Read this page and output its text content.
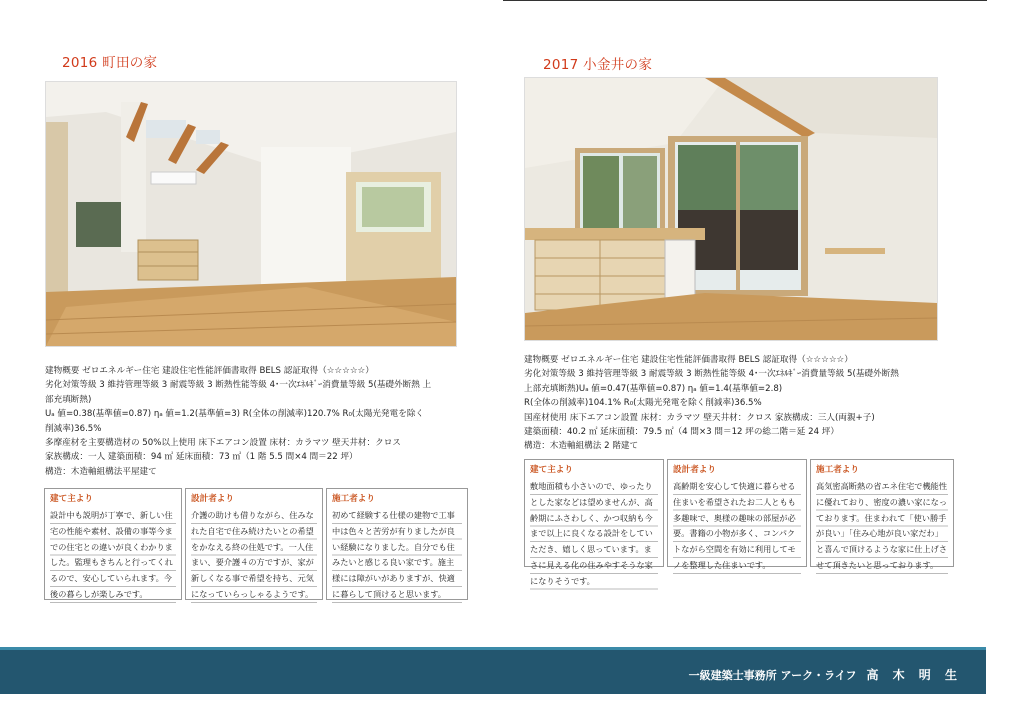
2016 町田の家

建物概要 ゼロエネルギー住宅 建設住宅性能評価書取得 BELS 認証取得（☆☆☆☆☆）

劣化対策等級 3 維持管理等級 3 耐震等級 3 断熱性能等級 4･一次ｴﾈﾙｷﾞｰ消費量等級 5(基礎外断熱 上

部充填断熱)

Uₐ 値=0.38(基準値=0.87) ηₐ 値=1.2(基準値=3) R(全体の削減率)120.7% R₀(太陽光発電を除く

削減率)36.5%

多摩産材を主要構造材の 50%以上使用 床下エアコン設置 床材：カラマツ 壁天井材：クロス

家族構成：一人 建築面積：94 ㎡ 延床面積：73 ㎡（1 階 5.5 間×4 間＝22 坪）

構造：木造軸組構法平屋建て

建て主より
設計中も説明が丁寧で、新しい住宅の性能や素材、設備の事等今までの住宅との違いが良くわかりました。監理もきちんと行ってくれるので、安心していられます。今後の暮らしが楽しみです。
設計者より
介護の助けも借りながら、住みなれた自宅で住み続けたいとの希望をかなえる終の住処です。一人住まい、要介護４の方ですが、家が新しくなる事で希望を持ち、元気になっていらっしゃるようです。
施工者より
初めて経験する仕様の建物で工事中は色々と苦労が有りましたが良い経験になりました。自分でも住みたいと感じる良い家です。施主様には障がいがありますが、快適に暮らして頂けると思います。
2017 小金井の家

建物概要 ゼロエネルギー住宅 建設住宅性能評価書取得 BELS 認証取得（☆☆☆☆☆）

劣化対策等級 3 維持管理等級 3 耐震等級 3 断熱性能等級 4･一次ｴﾈﾙｷﾞｰ消費量等級 5(基礎外断熱

上部充填断熱)Uₐ 値=0.47(基準値=0.87) ηₐ 値=1.4(基準値=2.8)

R(全体の削減率)104.1% R₀(太陽光発電を除く削減率)36.5%

国産材使用 床下エアコン設置 床材：カラマツ 壁天井材：クロス 家族構成：三人(両親+子)

建築面積：40.2 ㎡ 延床面積：79.5 ㎡（4 間×3 間＝12 坪の総二階＝延 24 坪）

構造：木造軸組構法 2 階建て

建て主より
敷地面積も小さいので、ゆったりとした家などは望めませんが、高齢期にふさわしく、かつ収納も今まで以上に良くなる設計をしていただき、嬉しく思っています。まさに見える化の住みやすそうな家になりそうです。
設計者より
高齢期を安心して快適に暮らせる住まいを希望されたお二人ともも多趣味で、奥様の趣味の部屋が必要。書籍の小物が多く、コンパクトながら空間を有効に利用してモノを整理した住まいです。
施工者より
高気密高断熱の省エネ住宅で機能性に優れており、密度の濃い家になっております。住まわれて「使い勝手が良い」「住み心地が良い家だわ」と喜んで頂けるような家に仕上げさせて頂きたいと思っております。
一級建築士事務所 アーク・ライフ 高 木 明 生
